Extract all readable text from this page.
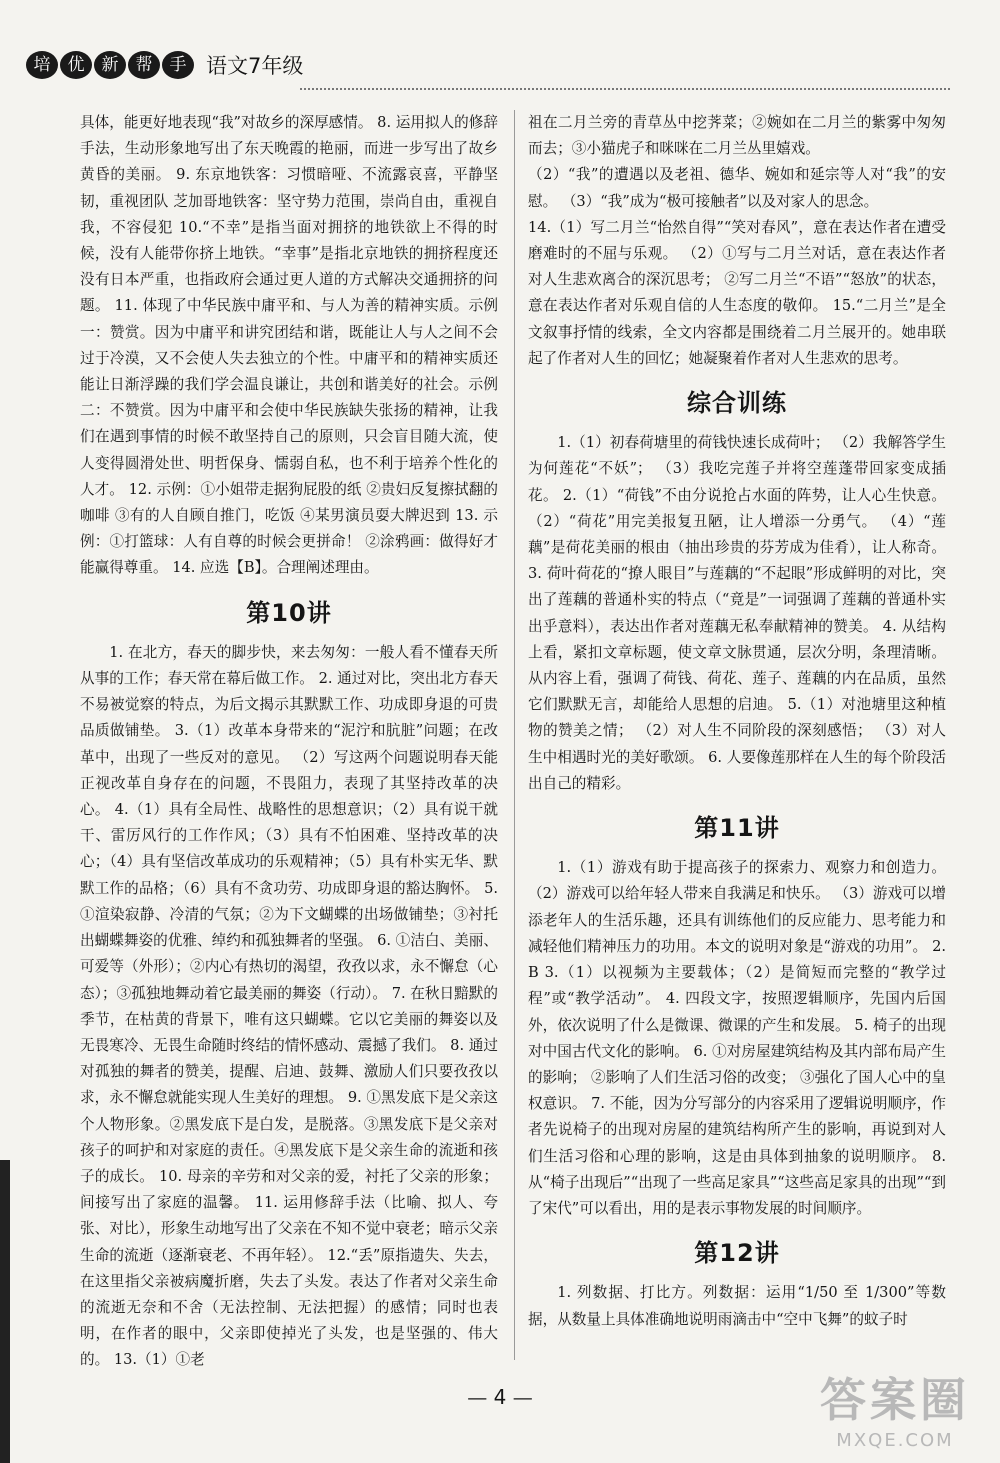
培	优	新	帮	手 语文7年级

具体，能更好地表现“我”对故乡的深厚感情。 8. 运用拟人的修辞手法，生动形象地写出了东天晚霞的艳丽，而进一步写出了故乡黄昏的美丽。 9. 东京地铁客：习惯暗哑、不流露哀喜，平静坚韧，重视团队 芝加哥地铁客：坚守势力范围，崇尚自由，重视自我，不容侵犯 10.“不幸”是指当面对拥挤的地铁欲上不得的时候，没有人能带你挤上地铁。“幸事”是指北京地铁的拥挤程度还没有日本严重，也指政府会通过更人道的方式解决交通拥挤的问题。 11. 体现了中华民族中庸平和、与人为善的精神实质。示例一：赞赏。因为中庸平和讲究团结和谐，既能让人与人之间不会过于冷漠，又不会使人失去独立的个性。中庸平和的精神实质还能让日渐浮躁的我们学会温良谦让，共创和谐美好的社会。示例二：不赞赏。因为中庸平和会使中华民族缺失张扬的精神，让我们在遇到事情的时候不敢坚持自己的原则，只会盲目随大流，使人变得圆滑处世、明哲保身、懦弱自私，也不利于培养个性化的人才。 12. 示例：①小姐带走据狗屁股的纸 ②贵妇反复擦拭翻的咖啡 ③有的人自顾自推门，吃饭 ④某男演员耍大牌迟到 13. 示例：①打篮球：人有自尊的时候会更拼命！ ②涂鸦画：做得好才能赢得尊重。 14. 应选【B】。合理阐述理由。

第10讲

1. 在北方，春天的脚步快，来去匆匆：一般人看不懂春天所从事的工作；春天常在幕后做工作。 2. 通过对比，突出北方春天不易被觉察的特点，为后文揭示其默默工作、功成即身退的可贵品质做铺垫。 3.（1）改革本身带来的“泥泞和肮脏”问题；在改革中，出现了一些反对的意见。 （2）写这两个问题说明春天能正视改革自身存在的问题，不畏阻力，表现了其坚持改革的决心。 4.（1）具有全局性、战略性的思想意识；（2）具有说干就干、雷厉风行的工作作风；（3）具有不怕困难、坚持改革的决心；（4）具有坚信改革成功的乐观精神；（5）具有朴实无华、默默工作的品格；（6）具有不贪功劳、功成即身退的豁达胸怀。 5. ①渲染寂静、冷清的气氛；②为下文蝴蝶的出场做铺垫；③衬托出蝴蝶舞姿的优雅、绰约和孤独舞者的坚强。 6. ①洁白、美丽、可爱等（外形）；②内心有热切的渴望，孜孜以求，永不懈怠（心态）；③孤独地舞动着它最美丽的舞姿（行动）。 7. 在秋日黯默的季节，在枯黄的背景下，唯有这只蝴蝶。它以它美丽的舞姿以及无畏寒冷、无畏生命随时终结的情怀感动、震撼了我们。 8. 通过对孤独的舞者的赞美，提醒、启迪、鼓舞、激励人们只要孜孜以求，永不懈怠就能实现人生美好的理想。 9. ①黑发底下是父亲这个人物形象。②黑发底下是白发，是脱落。③黑发底下是父亲对孩子的呵护和对家庭的责任。④黑发底下是父亲生命的流逝和孩子的成长。 10. 母亲的辛劳和对父亲的爱，衬托了父亲的形象；间接写出了家庭的温馨。 11. 运用修辞手法（比喻、拟人、夸张、对比），形象生动地写出了父亲在不知不觉中衰老；暗示父亲生命的流逝（逐渐衰老、不再年轻）。 12.“丢”原指遗失、失去，在这里指父亲被病魔折磨，失去了头发。表达了作者对父亲生命的流逝无奈和不舍（无法控制、无法把握）的感情；同时也表明，在作者的眼中，父亲即使掉光了头发，也是坚强的、伟大的。 13.（1）①老

祖在二月兰旁的青草丛中挖荠菜；②婉如在二月兰的紫雾中匆匆而去；③小猫虎子和咪咪在二月兰丛里嬉戏。

（2）“我”的遭遇以及老祖、德华、婉如和延宗等人对“我”的安慰。 （3）“我”成为“极可接触者”以及对家人的思念。

14.（1）写二月兰“怡然自得”“笑对春风”，意在表达作者在遭受磨难时的不屈与乐观。 （2）①写与二月兰对话，意在表达作者对人生悲欢离合的深沉思考； ②写二月兰“不语”“怒放”的状态，意在表达作者对乐观自信的人生态度的敬仰。 15.“二月兰”是全文叙事抒情的线索，全文内容都是围绕着二月兰展开的。她串联起了作者对人生的回忆；她凝聚着作者对人生悲欢的思考。

综合训练

1.（1）初春荷塘里的荷钱快速长成荷叶； （2）我解答学生为何莲花“不妖”； （3）我吃完莲子并将空莲蓬带回家变成插花。 2.（1）“荷钱”不由分说抢占水面的阵势，让人心生快意。 （2）“荷花”用完美报复丑陋，让人增添一分勇气。 （4）“莲藕”是荷花美丽的根由（抽出珍贵的芬芳成为佳肴），让人称奇。 3. 荷叶荷花的“撩人眼目”与莲藕的“不起眼”形成鲜明的对比，突出了莲藕的普通朴实的特点（“竟是”一词强调了莲藕的普通朴实出乎意料），表达出作者对莲藕无私奉献精神的赞美。 4. 从结构上看，紧扣文章标题，使文章文脉贯通，层次分明，条理清晰。从内容上看，强调了荷钱、荷花、莲子、莲藕的内在品质，虽然它们默默无言，却能给人思想的启迪。 5.（1）对池塘里这种植物的赞美之情； （2）对人生不同阶段的深刻感悟； （3）对人生中相遇时光的美好歌颂。 6. 人要像莲那样在人生的每个阶段活出自己的精彩。

第11讲

1.（1）游戏有助于提高孩子的探索力、观察力和创造力。（2）游戏可以给年轻人带来自我满足和快乐。 （3）游戏可以增添老年人的生活乐趣，还具有训练他们的反应能力、思考能力和减轻他们精神压力的功用。本文的说明对象是“游戏的功用”。 2. B 3.（1）以视频为主要载体；（2）是简短而完整的“教学过程”或“教学活动”。 4. 四段文字，按照逻辑顺序，先国内后国外，依次说明了什么是微课、微课的产生和发展。 5. 椅子的出现对中国古代文化的影响。 6. ①对房屋建筑结构及其内部布局产生的影响； ②影响了人们生活习俗的改变； ③强化了国人心中的皇权意识。 7. 不能，因为分写部分的内容采用了逻辑说明顺序，作者先说椅子的出现对房屋的建筑结构所产生的影响，再说到对人们生活习俗和心理的影响，这是由具体到抽象的说明顺序。 8. 从“椅子出现后”“出现了一些高足家具”“这些高足家具的出现”“到了宋代”可以看出，用的是表示事物发展的时间顺序。

第12讲

1. 列数据、打比方。列数据：运用“1/50 至 1/300”等数据，从数量上具体准确地说明雨滴击中“空中飞舞”的蚊子时

— 4 —	答案圈
MXQE.COM
